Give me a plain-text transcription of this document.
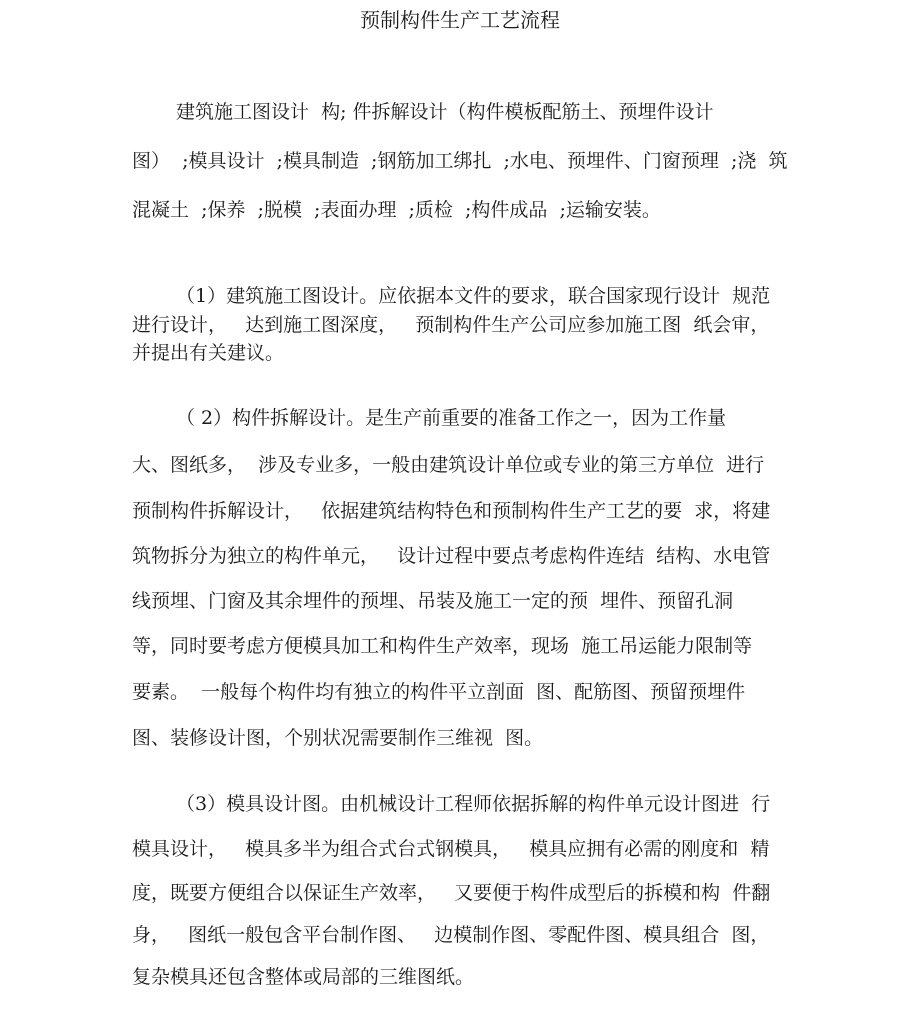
预制构件生产工艺流程
建筑施工图设计  构; 件拆解设计（构件模板配筋土、预埋件设计
图）  ;模具设计  ;模具制造  ;钢筋加工绑扎  ;水电、预埋件、门窗预理  ;浇  筑
混凝土  ;保养  ;脱模  ;表面办理  ;质检  ;构件成品  ;运输安装。
（1）建筑施工图设计。应依据本文件的要求，联合国家现行设计  规范
进行设计，   达到施工图深度，   预制构件生产公司应参加施工图  纸会审，
并提出有关建议。
（ 2）构件拆解设计。是生产前重要的准备工作之一，因为工作量
大、图纸多，  涉及专业多，一般由建筑设计单位或专业的第三方单位  进行
预制构件拆解设计，   依据建筑结构特色和预制构件生产工艺的要  求，将建
筑物拆分为独立的构件单元，   设计过程中要点考虑构件连结  结构、水电管
线预埋、门窗及其余埋件的预埋、吊装及施工一定的预  埋件、预留孔洞
等，同时要考虑方便模具加工和构件生产效率，现场  施工吊运能力限制等
要素。  一般每个构件均有独立的构件平立剖面  图、配筋图、预留预埋件
图、装修设计图，个别状况需要制作三维视  图。
（3）模具设计图。由机械设计工程师依据拆解的构件单元设计图进  行
模具设计，   模具多半为组合式台式钢模具，   模具应拥有必需的刚度和  精
度，既要方便组合以保证生产效率，   又要便于构件成型后的拆模和构  件翻
身，   图纸一般包含平台制作图、   边模制作图、零配件图、模具组合  图，
复杂模具还包含整体或局部的三维图纸。
